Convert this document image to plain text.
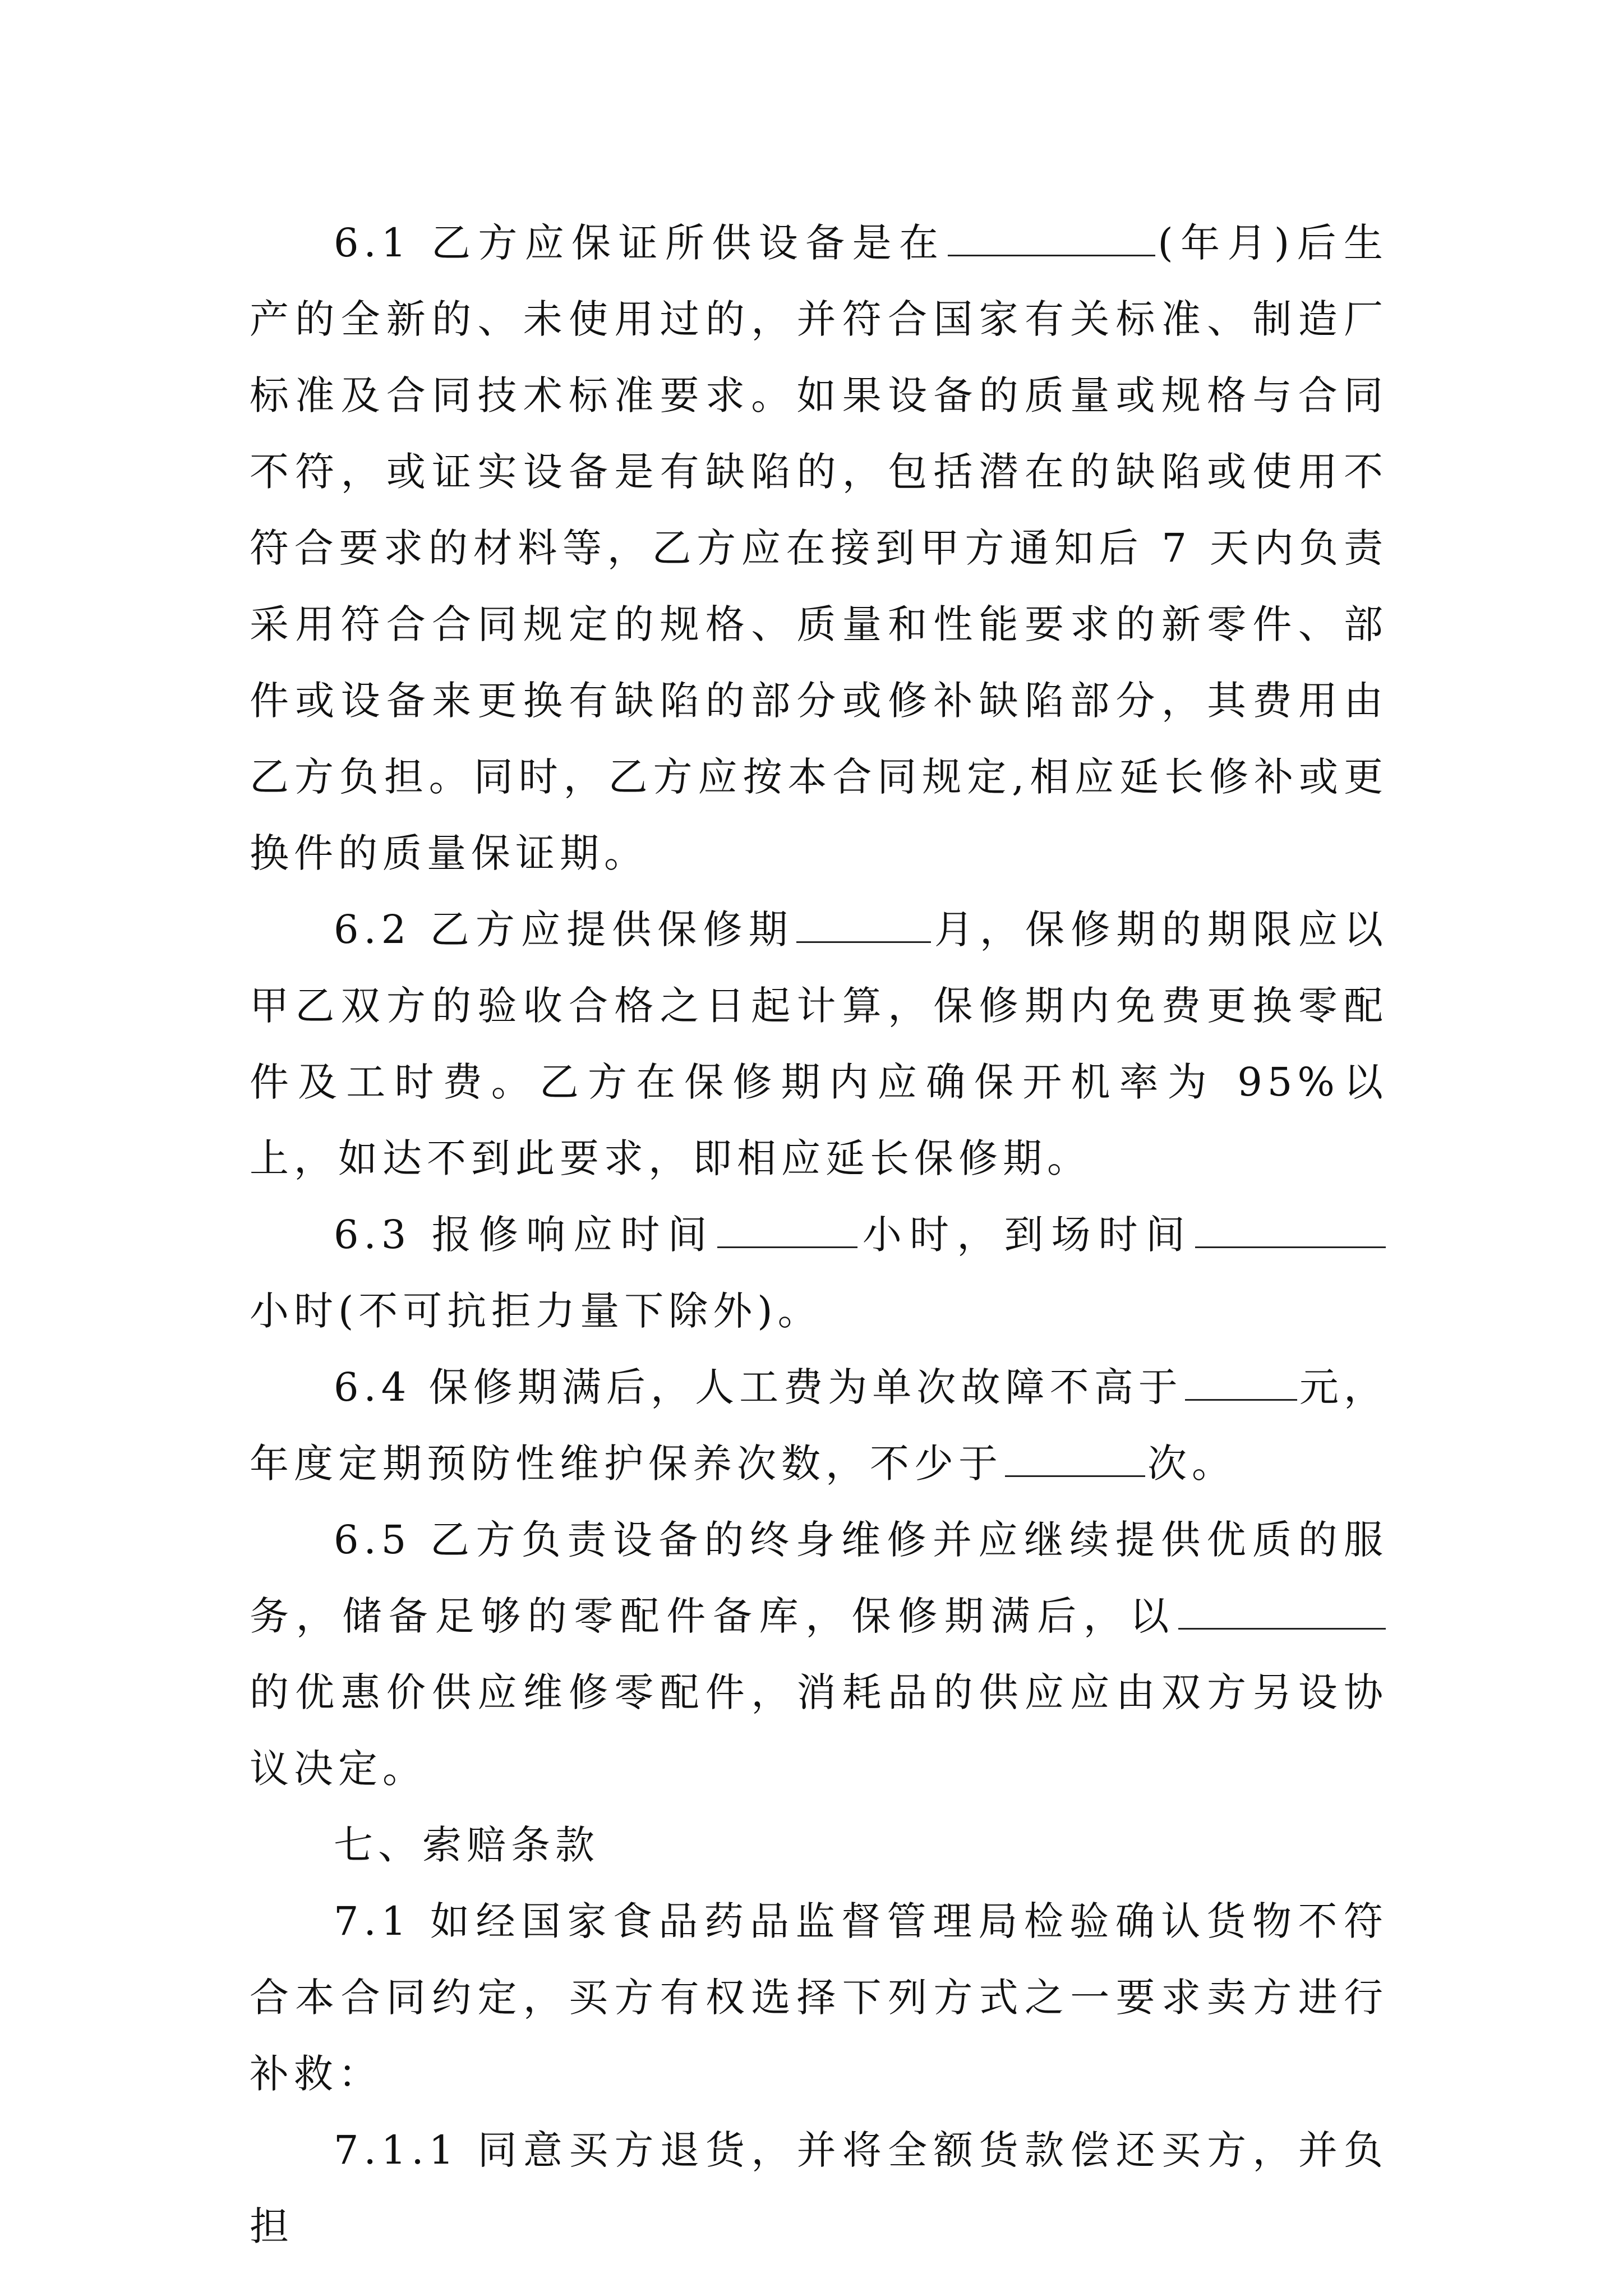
6.1 乙方应保证所供设备是在	(年月)后生产的全新的、未使用过的，并符合国家有关标准、制造厂标准及合同技术标准要求。如果设备的质量或规格与合同不符，或证实设备是有缺陷的，包括潜在的缺陷或使用不符合要求的材料等，乙方应在接到甲方通知后 7 天内负责采用符合合同规定的规格、质量和性能要求的新零件、部件或设备来更换有缺陷的部分或修补缺陷部分，其费用由乙方负担。同时，乙方应按本合同规定,相应延长修补或更换件的质量保证期。

6.2 乙方应提供保修期	月，保修期的期限应以甲乙双方的验收合格之日起计算，保修期内免费更换零配件及工时费。乙方在保修期内应确保开机率为 95%以上，如达不到此要求，即相应延长保修期。

6.3 报修响应时间	小时，到场时间小时(不可抗拒力量下除外)。

6.4 保修期满后，人工费为单次故障不高于	元，年度定期预防性维护保养次数，不少于	次。

6.5 乙方负责设备的终身维修并应继续提供优质的服务，储备足够的零配件备库，保修期满后，以的优惠价供应维修零配件，消耗品的供应应由双方另设协议决定。

七、索赔条款

7.1 如经国家食品药品监督管理局检验确认货物不符合本合同约定，买方有权选择下列方式之一要求卖方进行补救：

7.1.1 同意买方退货，并将全额货款偿还买方，并负担
